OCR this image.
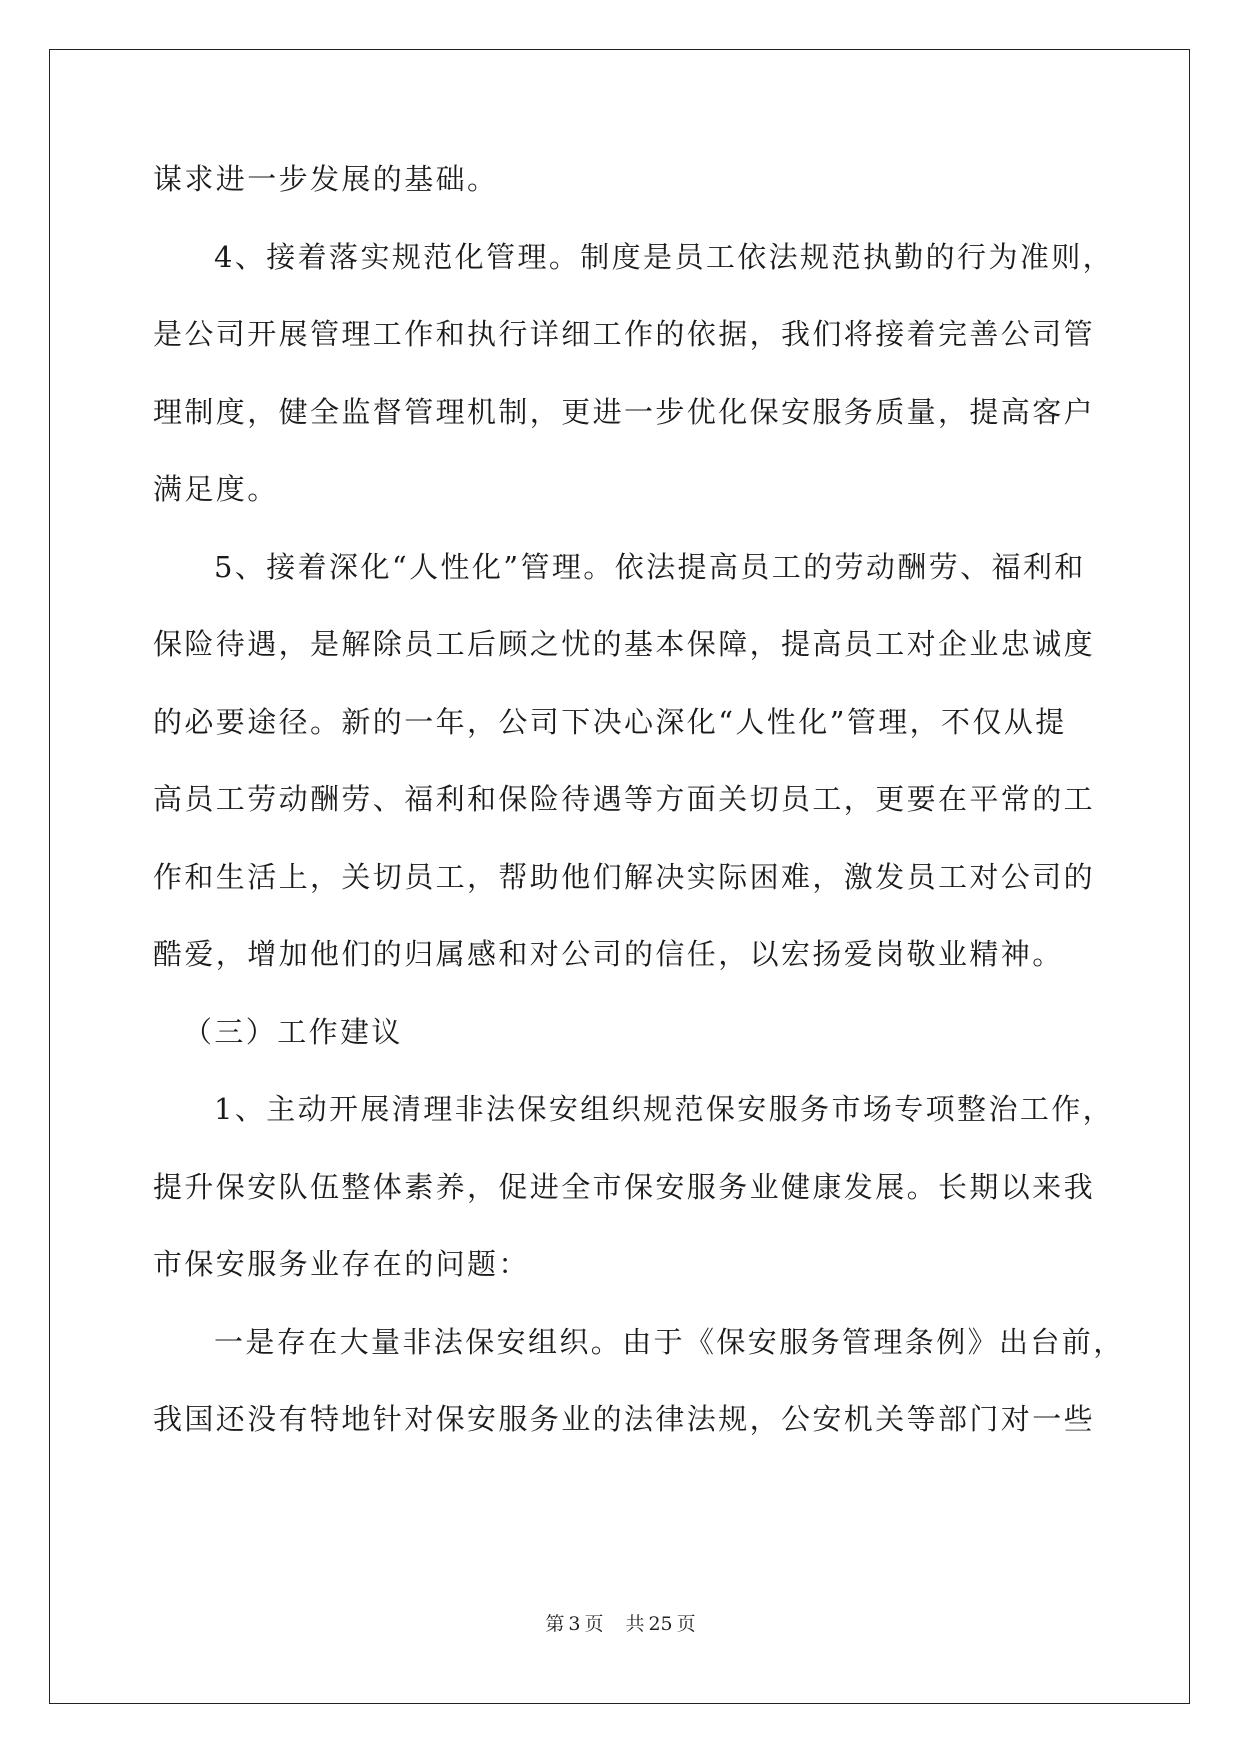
谋求进一步发展的基础。
4、接着落实规范化管理。制度是员工依法规范执勤的行为准则，
是公司开展管理工作和执行详细工作的依据，我们将接着完善公司管
理制度，健全监督管理机制，更进一步优化保安服务质量，提高客户
满足度。
5、接着深化“人性化”管理。依法提高员工的劳动酬劳、福利和
保险待遇，是解除员工后顾之忧的基本保障，提高员工对企业忠诚度
的必要途径。新的一年，公司下决心深化“人性化”管理，不仅从提
高员工劳动酬劳、福利和保险待遇等方面关切员工，更要在平常的工
作和生活上，关切员工，帮助他们解决实际困难，激发员工对公司的
酷爱，增加他们的归属感和对公司的信任，以宏扬爱岗敬业精神。
（三）工作建议
1、主动开展清理非法保安组织规范保安服务市场专项整治工作，
提升保安队伍整体素养，促进全市保安服务业健康发展。长期以来我
市保安服务业存在的问题：
一是存在大量非法保安组织。由于《保安服务管理条例》出台前，
我国还没有特地针对保安服务业的法律法规，公安机关等部门对一些
第 3 页 共 25 页
